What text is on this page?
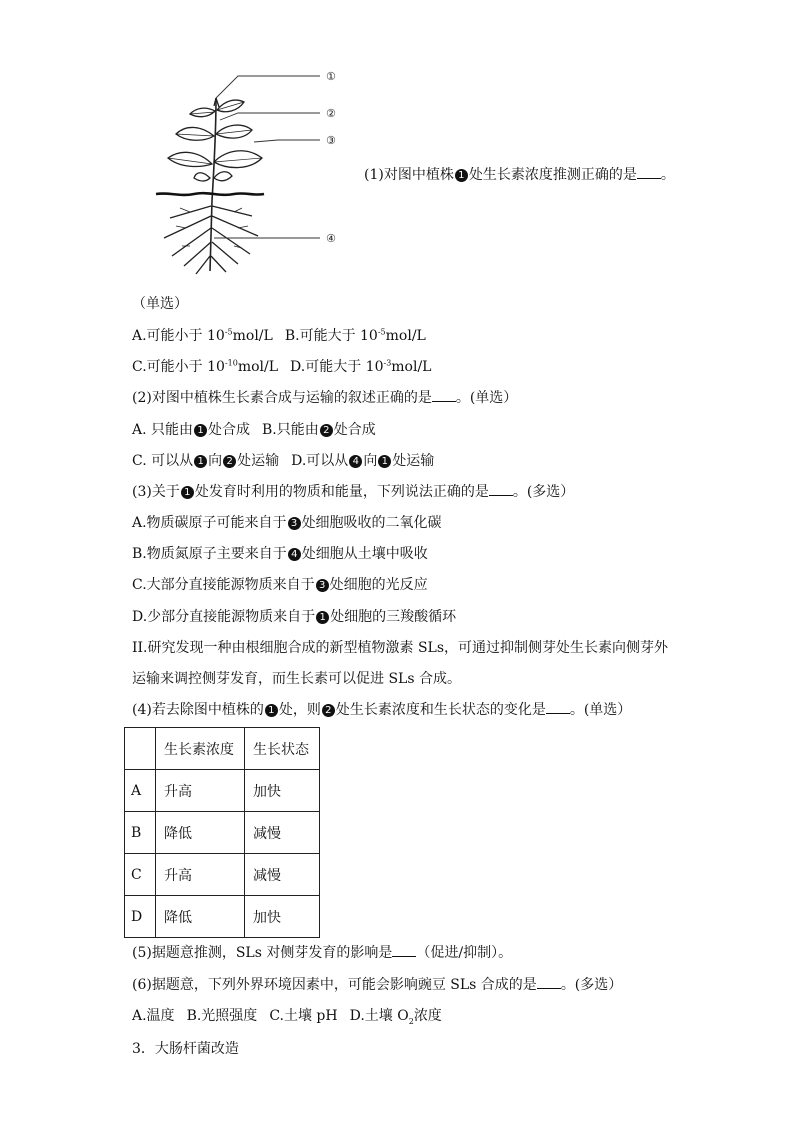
①
②
③
④
(1)对图中植株 1 处生长素浓度推测正确的是 。
（单选）
A.可能小于 $10^{-5}mol/L$ B.可能大于 $10^{-5}mol/L$
C.可能小于 $10^{-10}mol/L$ D.可能大于 $10^{-3}mol/L$
(2)对图中植株生长素合成与运输的叙述正确的是 。(单选）
A. 只能由 1 处合成 B.只能由 2 处合成
C. 可以从 1 向 2 处运输 D.可以从 4 向 1 处运输
(3)关于 1 处发育时利用的物质和能量，下列说法正确的是 。(多选）
A.物质碳原子可能来自于 3 处细胞吸收的二氧化碳
B.物质氮原子主要来自于 4 处细胞从土壤中吸收
C.大部分直接能源物质来自于 3 处细胞的光反应
D.少部分直接能源物质来自于 1 处细胞的三羧酸循环
II.研究发现一种由根细胞合成的新型植物激素 SLs，可通过抑制侧芽处生长素向侧芽外
运输来调控侧芽发育，而生长素可以促进 SLs 合成。
(4)若去除图中植株的 1 处，则 2 处生长素浓度和生长状态的变化是 。(单选）
	生长素浓度	生长状态
A	升高	加快
B	降低	减慢
C	升高	减慢
D	降低	加快
(5)据题意推测，SLs 对侧芽发育的影响是 （促进/抑制）。
(6)据题意，下列外界环境因素中，可能会影响豌豆 SLs 合成的是 。(多选）
A.温度 B.光照强度 C.土壤 pH D.土壤 $O_2$浓度
3．大肠杆菌改造
